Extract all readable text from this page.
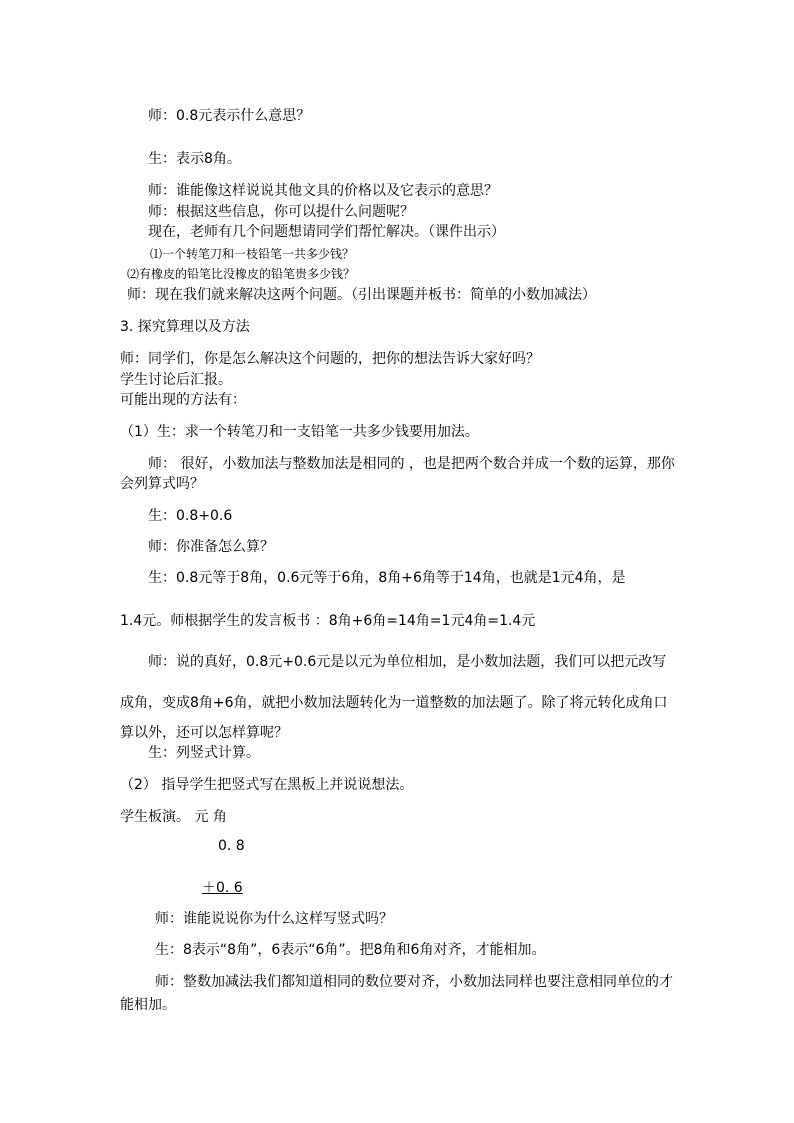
师：0.8元表示什么意思？
生：表示8角。
师：谁能像这样说说其他文具的价格以及它表示的意思？
师：根据这些信息，你可以提什么问题呢？
现在，老师有几个问题想请同学们帮忙解决。（课件出示）
⑴一个转笔刀和一枝铅笔一共多少钱？
⑵有橡皮的铅笔比没橡皮的铅笔贵多少钱？
师：现在我们就来解决这两个问题。（引出课题并板书：简单的小数加减法）
3. 探究算理以及方法
师：同学们，你是怎么解决这个问题的，把你的想法告诉大家好吗？
学生讨论后汇报。
可能出现的方法有：
（1）生：求一个转笔刀和一支铅笔一共多少钱要用加法。
师： 很好，小数加法与整数加法是相同的 ，也是把两个数合并成一个数的运算，那你
会列算式吗？
生：0.8+0.6
师：你准备怎么算？
生：0.8元等于8角，0.6元等于6角，8角+6角等于14角，也就是1元4角，是
1.4元。师根据学生的发言板书 ：8角+6角=14角=1元4角=1.4元
师：说的真好，0.8元+0.6元是以元为单位相加，是小数加法题，我们可以把元改写
成角，变成8角+6角，就把小数加法题转化为一道整数的加法题了。除了将元转化成角口
算以外，还可以怎样算呢？
生：列竖式计算。
（2） 指导学生把竖式写在黑板上并说说想法。
学生板演。 元 角
0. 8
＋0. 6
师：谁能说说你为什么这样写竖式吗？
生：8表示“8角”，6表示“6角”。把8角和6角对齐，才能相加。
师：整数加减法我们都知道相同的数位要对齐，小数加法同样也要注意相同单位的才
能相加。
